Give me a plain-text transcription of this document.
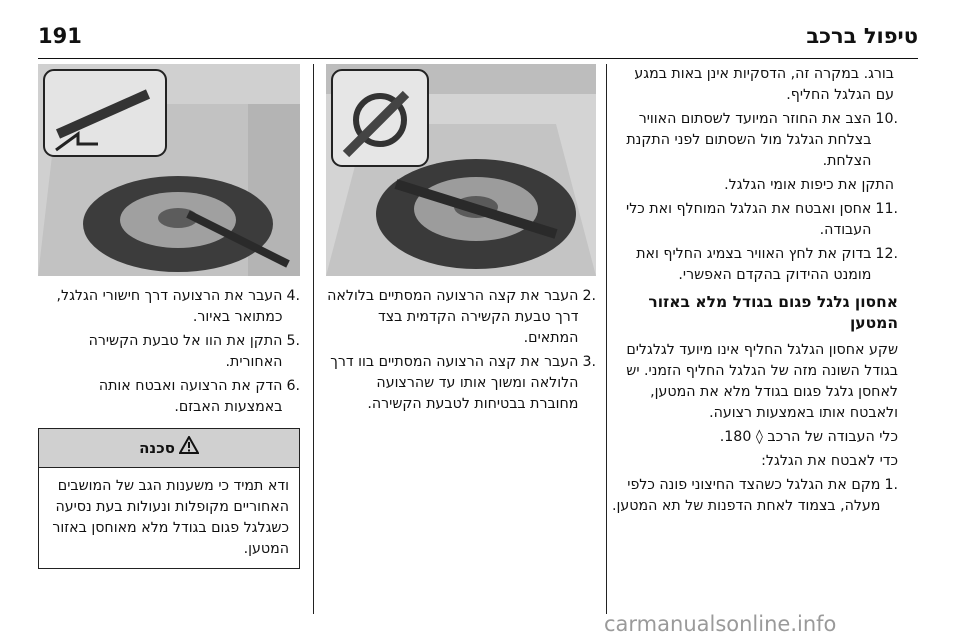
191	טיפול ברכב
בורג. במקרה זה, הדסקיות אינן באות במגע עם הגלגל החליף.
.10
הצב את החוזר המיועד לשסתום האוויר בצלחת הגלגל מול השסתום לפני התקנת הצלחת.
התקן את כיפות אומי הגלגל.
.11
אחסן ואבטח את הגלגל המוחלף ואת כלי העבודה.
.12
בדוק את לחץ האוויר בצמיג החליף ואת מומנט ההידוק בהקדם האפשרי.
אחסון גלגל פגום בגודל מלא באזור המטען

שקע אחסון הגלגל החליף אינו מיועד לגלגלים בגודל השונה מזה של הגלגל החליף הזמני. יש לאחסן גלגל פגום בגודל מלא את המטען, ולאבטח אותו באמצעות רצועה.

כלי העבודה של הרכב ◊ 180.

כדי לאבטח את הגלגל:

.1
מקם את הגלגל כשהצד החיצוני פונה כלפי מעלה, בצמוד לאחת הדפנות של תא המטען.
.2
העבר את קצה הרצועה המסתיים בלולאה דרך טבעת הקשירה הקדמית בצד המתאים.
.3
העבר את קצה הרצועה המסתיים בוו דרך הלולאה ומשוך אותו עד שהרצועה מחוברת בבטיחות לטבעת הקשירה.
.4
העבר את הרצועה דרך חישורי הגלגל, כמתואר באיור.
.5
התקן את הוו אל טבעת הקשירה האחורית.
.6
הדק את הרצועה ואבטח אותה באמצעות האבזם.
סכנה
ודא תמיד כי משענות הגב של המושבים האחוריים מקופלות ונעולות בעת נסיעה כשגלגל פגום בגודל מלא מאוחסן באזור המטען.
carmanualsonline.info
